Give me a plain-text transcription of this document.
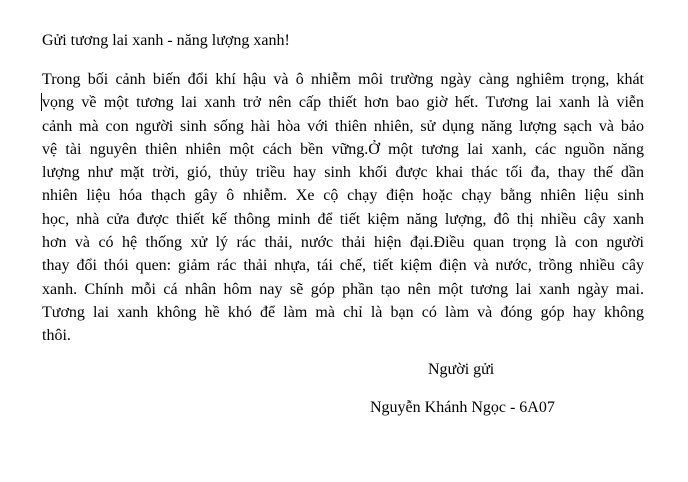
Gửi tương lai xanh - năng lượng xanh!

Trong bối cảnh biến đổi khí hậu và ô nhiễm môi trường ngày càng nghiêm trọng, khát
vọng về một tương lai xanh trở nên cấp thiết hơn bao giờ hết. Tương lai xanh là viễn
cảnh mà con người sinh sống hài hòa với thiên nhiên, sử dụng năng lượng sạch và bảo
vệ tài nguyên thiên nhiên một cách bền vững.Ở một tương lai xanh, các nguồn năng
lượng như mặt trời, gió, thủy triều hay sinh khối được khai thác tối đa, thay thế dần
nhiên liệu hóa thạch gây ô nhiễm. Xe cộ chạy điện hoặc chạy bằng nhiên liệu sinh
học, nhà cửa được thiết kế thông minh để tiết kiệm năng lượng, đô thị nhiều cây xanh
hơn và có hệ thống xử lý rác thải, nước thải hiện đại.Điều quan trọng là con người
thay đổi thói quen: giảm rác thải nhựa, tái chế, tiết kiệm điện và nước, trồng nhiều cây
xanh. Chính mỗi cá nhân hôm nay sẽ góp phần tạo nên một tương lai xanh ngày mai.
Tương lai xanh không hề khó để làm mà chỉ là bạn có làm và đóng góp hay không
thôi.

Người gửi
Nguyễn Khánh Ngọc - 6A07
